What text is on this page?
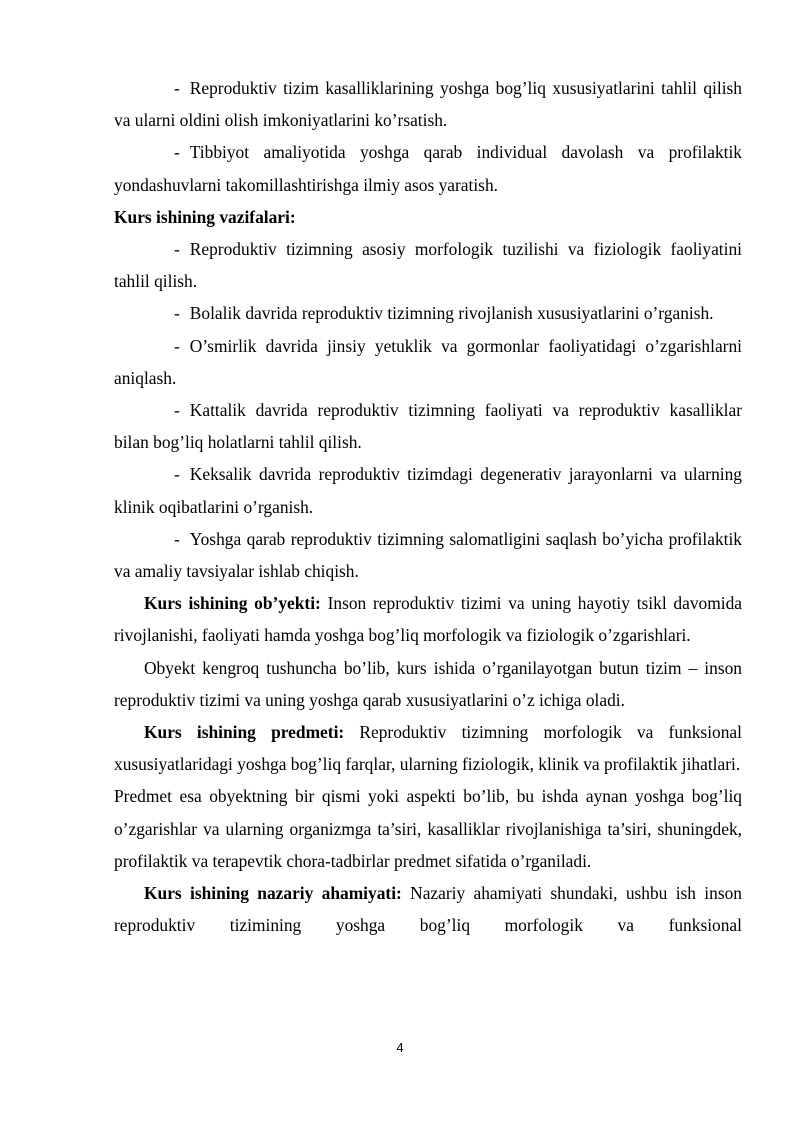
- Reproduktiv tizim kasalliklarining yoshga bog’liq xususiyatlarini tahlil qilish va ularni oldini olish imkoniyatlarini ko’rsatish.

- Tibbiyot amaliyotida yoshga qarab individual davolash va profilaktik yondashuvlarni takomillashtirishga ilmiy asos yaratish.

Kurs ishining vazifalari:

- Reproduktiv tizimning asosiy morfologik tuzilishi va fiziologik faoliyatini tahlil qilish.

- Bolalik davrida reproduktiv tizimning rivojlanish xususiyatlarini o’rganish.

- O’smirlik davrida jinsiy yetuklik va gormonlar faoliyatidagi o’zgarishlarni aniqlash.

- Kattalik davrida reproduktiv tizimning faoliyati va reproduktiv kasalliklar bilan bog’liq holatlarni tahlil qilish.

- Keksalik davrida reproduktiv tizimdagi degenerativ jarayonlarni va ularning klinik oqibatlarini o’rganish.

- Yoshga qarab reproduktiv tizimning salomatligini saqlash bo’yicha profilaktik va amaliy tavsiyalar ishlab chiqish.

Kurs ishining ob’yekti: Inson reproduktiv tizimi va uning hayotiy tsikl davomida rivojlanishi, faoliyati hamda yoshga bog’liq morfologik va fiziologik o’zgarishlari.

Obyekt kengroq tushuncha bo’lib, kurs ishida o’rganilayotgan butun tizim – inson reproduktiv tizimi va uning yoshga qarab xususiyatlarini o’z ichiga oladi.

Kurs ishining predmeti: Reproduktiv tizimning morfologik va funksional xususiyatlaridagi yoshga bog’liq farqlar, ularning fiziologik, klinik va profilaktik jihatlari.

Predmet esa obyektning bir qismi yoki aspekti bo’lib, bu ishda aynan yoshga bog’liq o’zgarishlar va ularning organizmga ta’siri, kasalliklar rivojlanishiga ta’siri, shuningdek, profilaktik va terapevtik chora-tadbirlar predmet sifatida o’rganiladi.

Kurs ishining nazariy ahamiyati: Nazariy ahamiyati shundaki, ushbu ish inson reproduktiv tizimining yoshga bog’liq morfologik va funksional

4
